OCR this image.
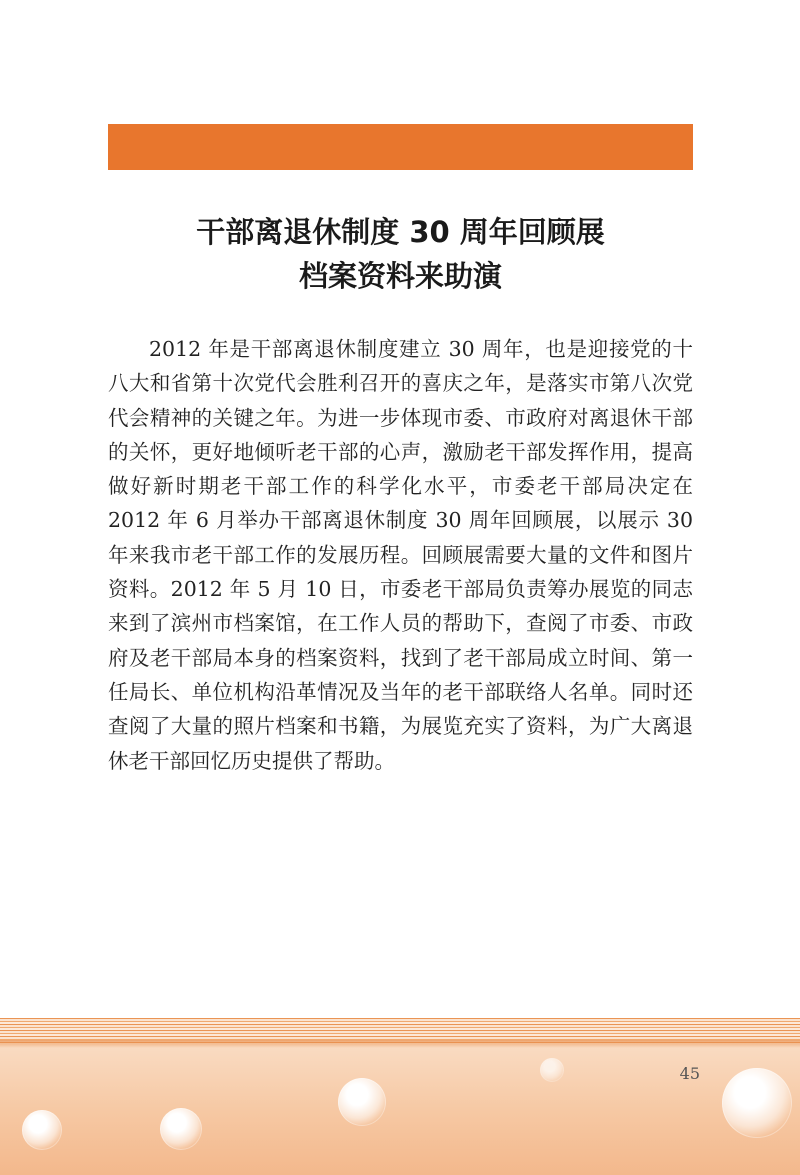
干部离退休制度 30 周年回顾展
档案资料来助演

2012 年是干部离退休制度建立 30 周年，也是迎接党的十八大和省第十次党代会胜利召开的喜庆之年，是落实市第八次党代会精神的关键之年。为进一步体现市委、市政府对离退休干部的关怀，更好地倾听老干部的心声，激励老干部发挥作用，提高做好新时期老干部工作的科学化水平，市委老干部局决定在 2012 年 6 月举办干部离退休制度 30 周年回顾展，以展示 30 年来我市老干部工作的发展历程。回顾展需要大量的文件和图片资料。2012 年 5 月 10 日，市委老干部局负责筹办展览的同志来到了滨州市档案馆，在工作人员的帮助下，查阅了市委、市政府及老干部局本身的档案资料，找到了老干部局成立时间、第一任局长、单位机构沿革情况及当年的老干部联络人名单。同时还查阅了大量的照片档案和书籍，为展览充实了资料，为广大离退休老干部回忆历史提供了帮助。

45
